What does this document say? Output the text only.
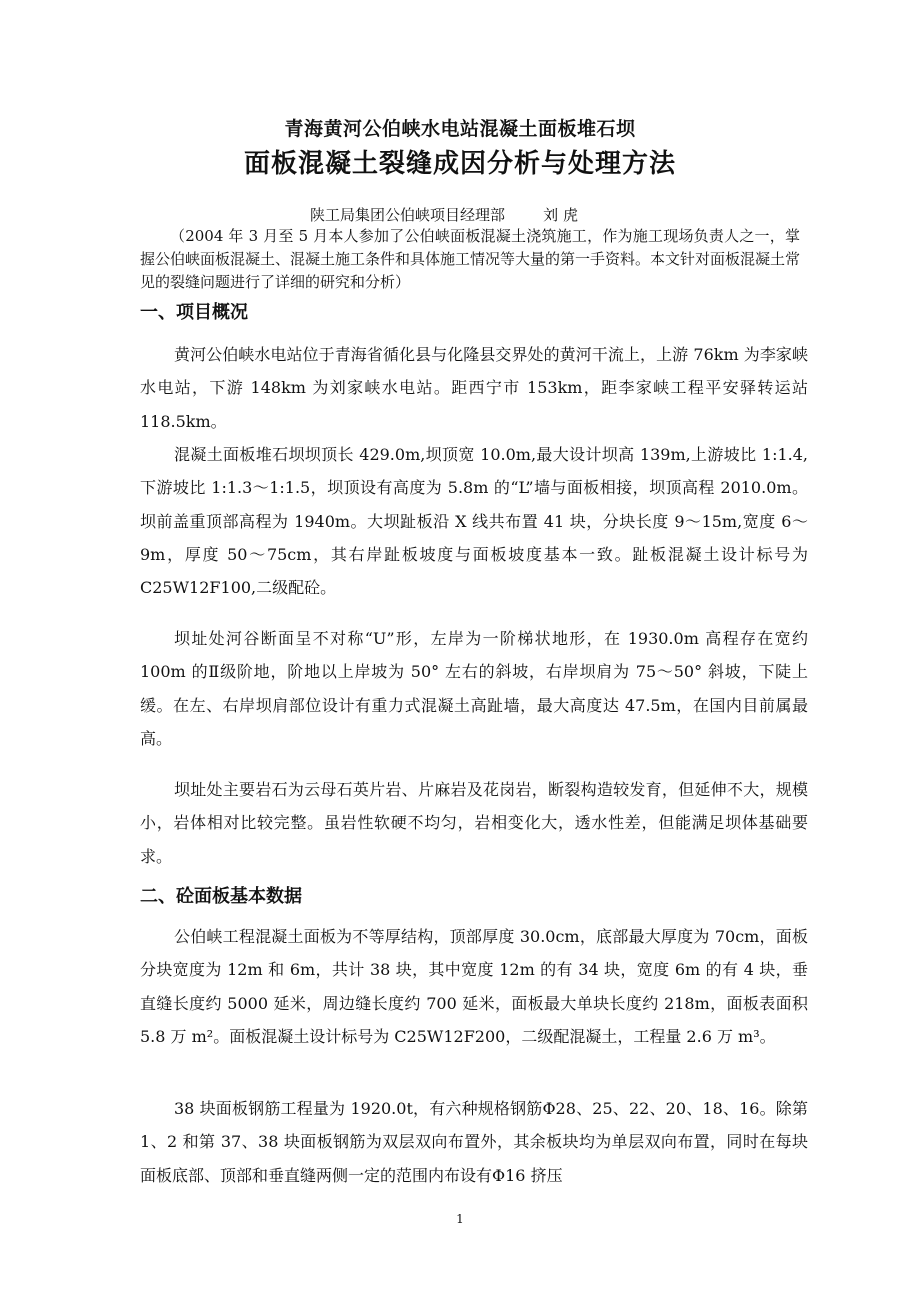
青海黄河公伯峡水电站混凝土面板堆石坝
面板混凝土裂缝成因分析与处理方法
陕工局集团公伯峡项目经理部	刘 虎
（2004 年 3 月至 5 月本人参加了公伯峡面板混凝土浇筑施工，作为施工现场负责人之一，掌握公伯峡面板混凝土、混凝土施工条件和具体施工情况等大量的第一手资料。本文针对面板混凝土常见的裂缝问题进行了详细的研究和分析）
一、项目概况
黄河公伯峡水电站位于青海省循化县与化隆县交界处的黄河干流上，上游 76km 为李家峡水电站，下游 148km 为刘家峡水电站。距西宁市 153km，距李家峡工程平安驿转运站 118.5km。
混凝土面板堆石坝坝顶长 429.0m,坝顶宽 10.0m,最大设计坝高 139m,上游坡比 1:1.4,下游坡比 1:1.3～1:1.5，坝顶设有高度为 5.8m 的“L”墙与面板相接，坝顶高程 2010.0m。坝前盖重顶部高程为 1940m。大坝趾板沿 X 线共布置 41 块，分块长度 9～15m,宽度 6～9m，厚度 50～75cm，其右岸趾板坡度与面板坡度基本一致。趾板混凝土设计标号为 C25W12F100,二级配砼。
坝址处河谷断面呈不对称“U”形，左岸为一阶梯状地形，在 1930.0m 高程存在宽约 100m 的Ⅱ级阶地，阶地以上岸坡为 50° 左右的斜坡，右岸坝肩为 75～50° 斜坡，下陡上缓。在左、右岸坝肩部位设计有重力式混凝土高趾墙，最大高度达 47.5m，在国内目前属最高。
坝址处主要岩石为云母石英片岩、片麻岩及花岗岩，断裂构造较发育，但延伸不大，规模小，岩体相对比较完整。虽岩性软硬不均匀，岩相变化大，透水性差，但能满足坝体基础要求。
二、砼面板基本数据
公伯峡工程混凝土面板为不等厚结构，顶部厚度 30.0cm，底部最大厚度为 70cm，面板分块宽度为 12m 和 6m，共计 38 块，其中宽度 12m 的有 34 块，宽度 6m 的有 4 块，垂直缝长度约 5000 延米，周边缝长度约 700 延米，面板最大单块长度约 218m，面板表面积 5.8 万 m²。面板混凝土设计标号为 C25W12F200，二级配混凝土，工程量 2.6 万 m³。
38 块面板钢筋工程量为 1920.0t，有六种规格钢筋Φ28、25、22、20、18、16。除第 1、2 和第 37、38 块面板钢筋为双层双向布置外，其余板块均为单层双向布置，同时在每块面板底部、顶部和垂直缝两侧一定的范围内布设有Φ16 挤压
1
